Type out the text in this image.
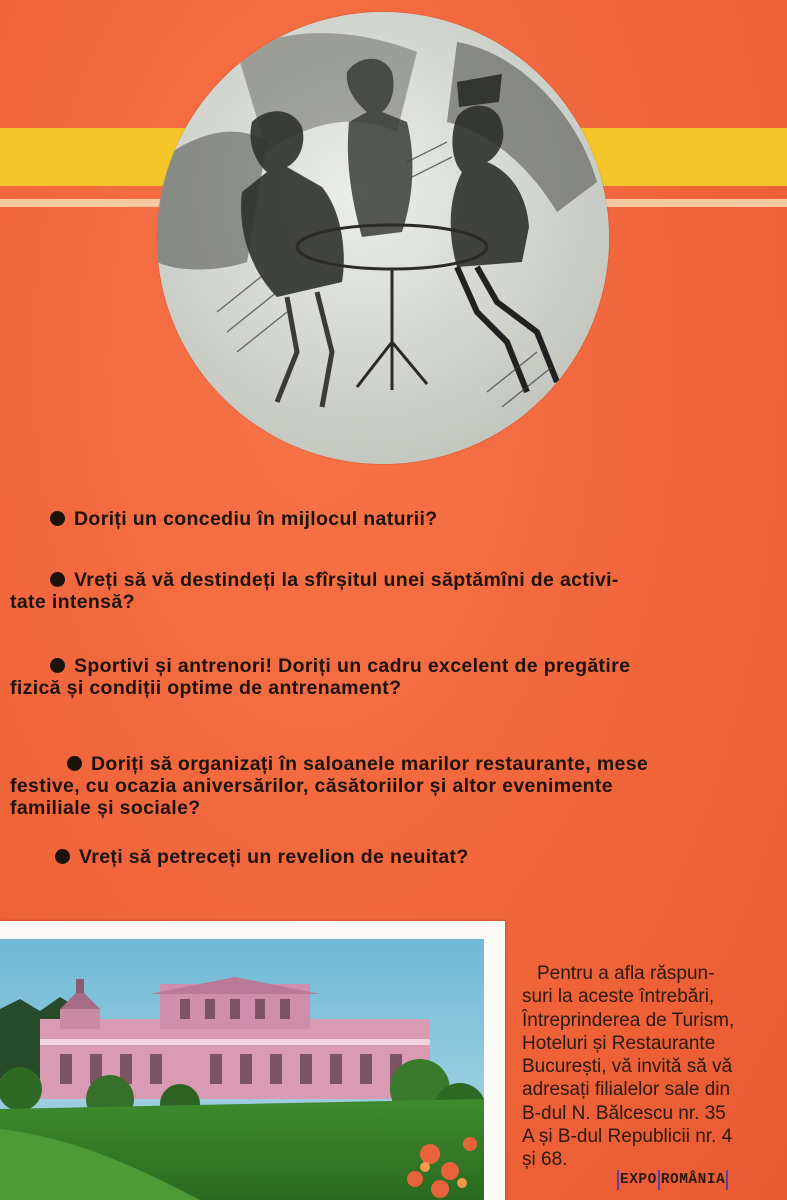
Doriți un concediu în mijlocul naturii?
Vreți să vă destindeți la sfîrșitul unei săptămîni de activi-
tate intensă?
Sportivi și antrenori! Doriți un cadru excelent de pregătire
fizică și condiții optime de antrenament?
Doriți să organizați în saloanele marilor restaurante, mese
festive, cu ocazia aniversărilor, căsătoriilor și altor evenimente
familiale și sociale?
Vreți să petreceți un revelion de neuitat?
Pentru a afla răspun-
suri la aceste întrebări,
Întreprinderea de Turism,
Hoteluri și Restaurante
București, vă invită să vă
adresați filialelor sale din
B-dul N. Bălcescu nr. 35
A și B-dul Republicii nr. 4
și 68.
EXPO ROMÂNIA
